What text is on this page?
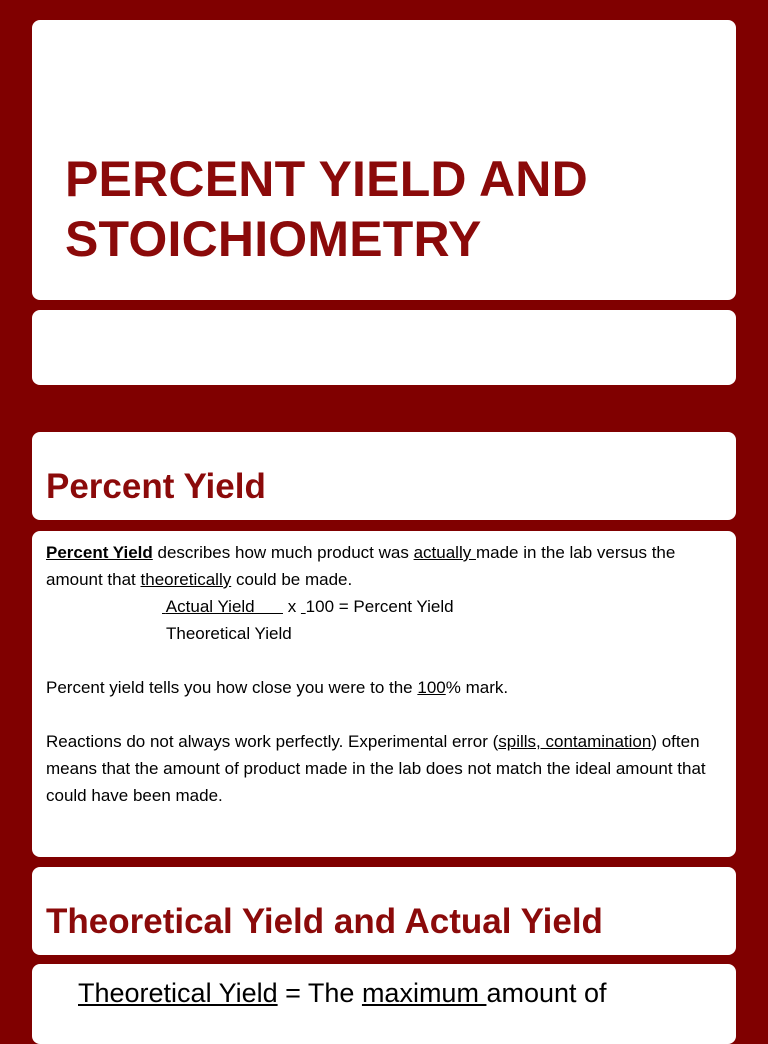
PERCENT YIELD AND
STOICHIOMETRY
Percent Yield

Percent Yield describes how much product was actually made in the lab versus the amount that theoretically could be made.

Actual Yield       x  100 = Percent Yield

Theoretical Yield

Percent yield tells you how close you were to the 100% mark.

Reactions do not always work perfectly. Experimental error (spills, contamination) often means that the amount of product made in the lab does not match the ideal amount that could have been made.

Theoretical Yield and Actual Yield

Theoretical Yield = The maximum amount of
